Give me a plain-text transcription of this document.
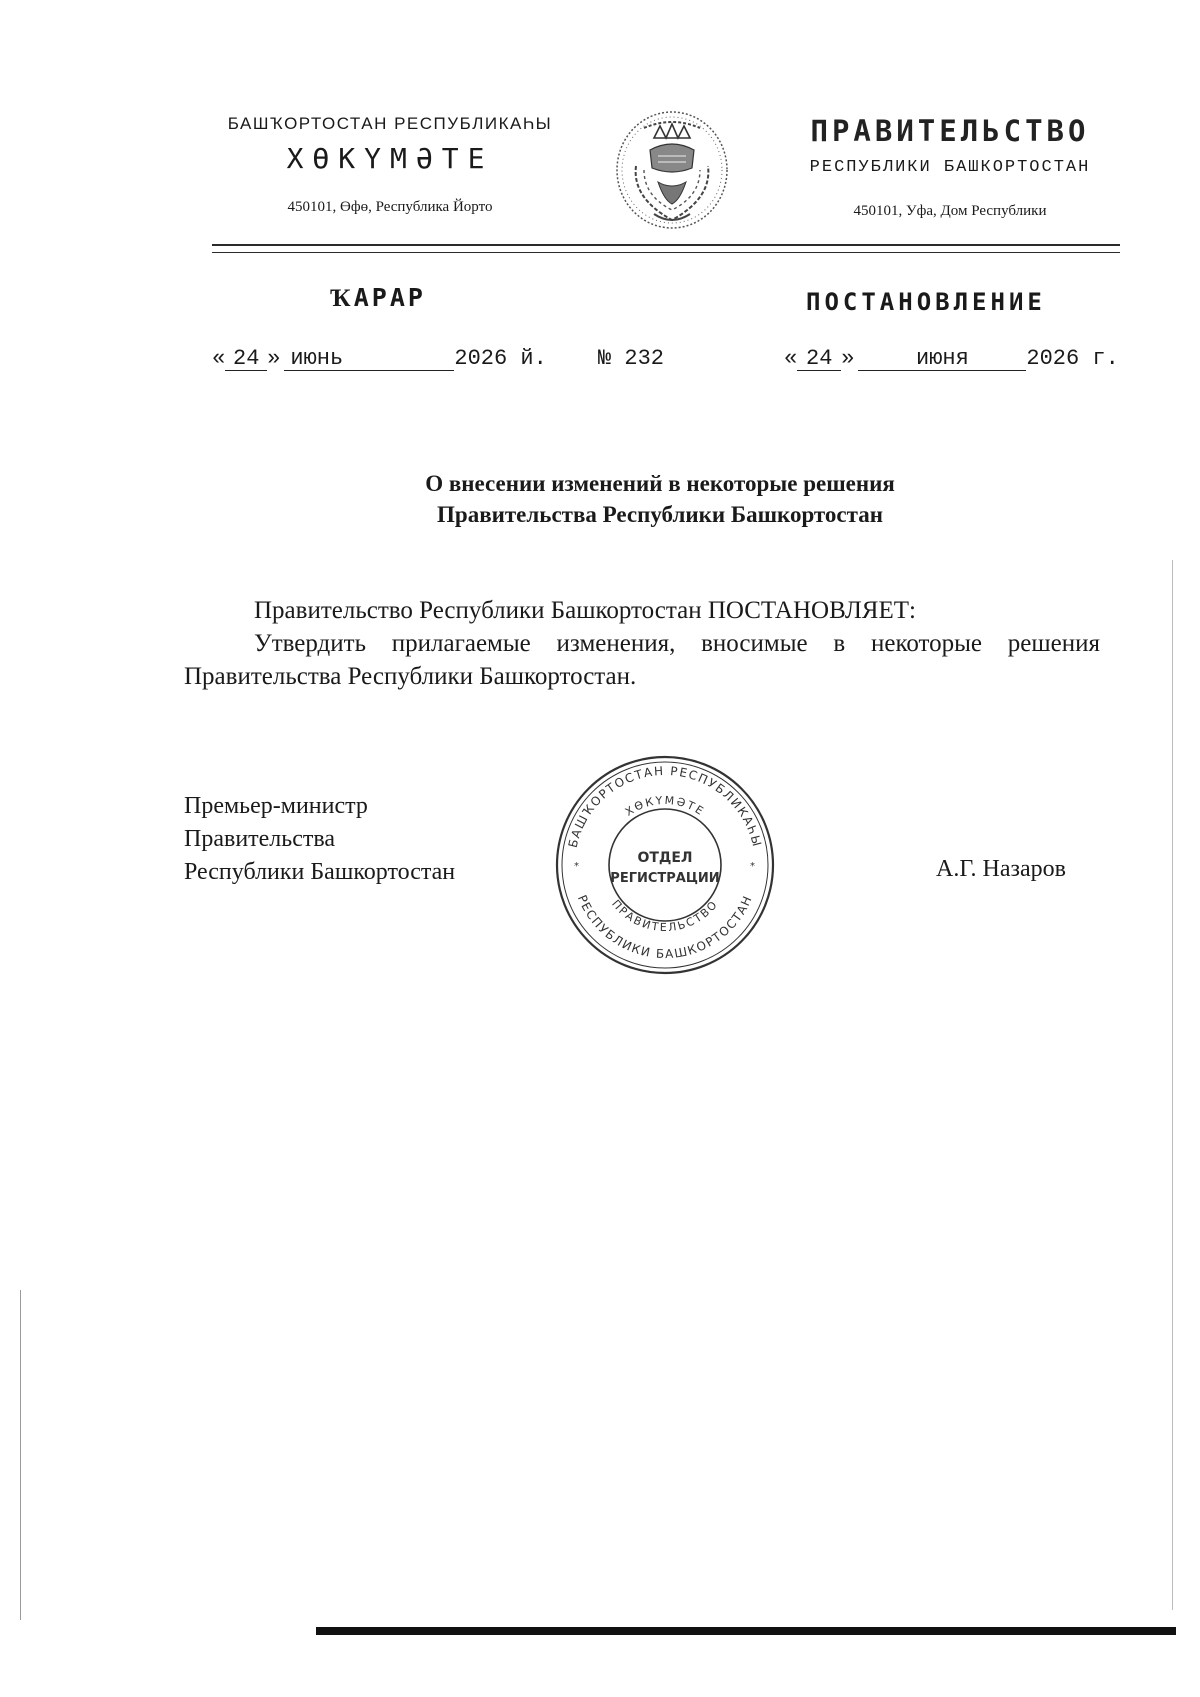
БАШҠОРТОСТАН РЕСПУБЛИКАҺЫ
ХӨКҮМӘТЕ
450101, Өфө, Республика Йорто
ПРАВИТЕЛЬСТВО
РЕСПУБЛИКИ БАШКОРТОСТАН
450101, Уфа, Дом Республики
ҠАРАР	ПОСТАНОВЛЕНИЕ
« 24 » июнь	2026 й. № 232	« 24 »	июня	2026 г.
О внесении изменений в некоторые решения
Правительства Республики Башкортостан
Правительство Республики Башкортостан ПОСТАНОВЛЯЕТ:
Утвердить прилагаемые изменения, вносимые в некоторые решения Правительства Республики Башкортостан.
Премьер-министр
Правительства
Республики Башкортостан	А.Г. Назаров
БАШҠОРТОСТАН РЕСПУБЛИКАҺЫ
ХӨКҮМӘТЕ
ПРАВИТЕЛЬСТВО
РЕСПУБЛИКИ БАШКОРТОСТАН
ОТДЕЛ
РЕГИСТРАЦИИ
*	*
